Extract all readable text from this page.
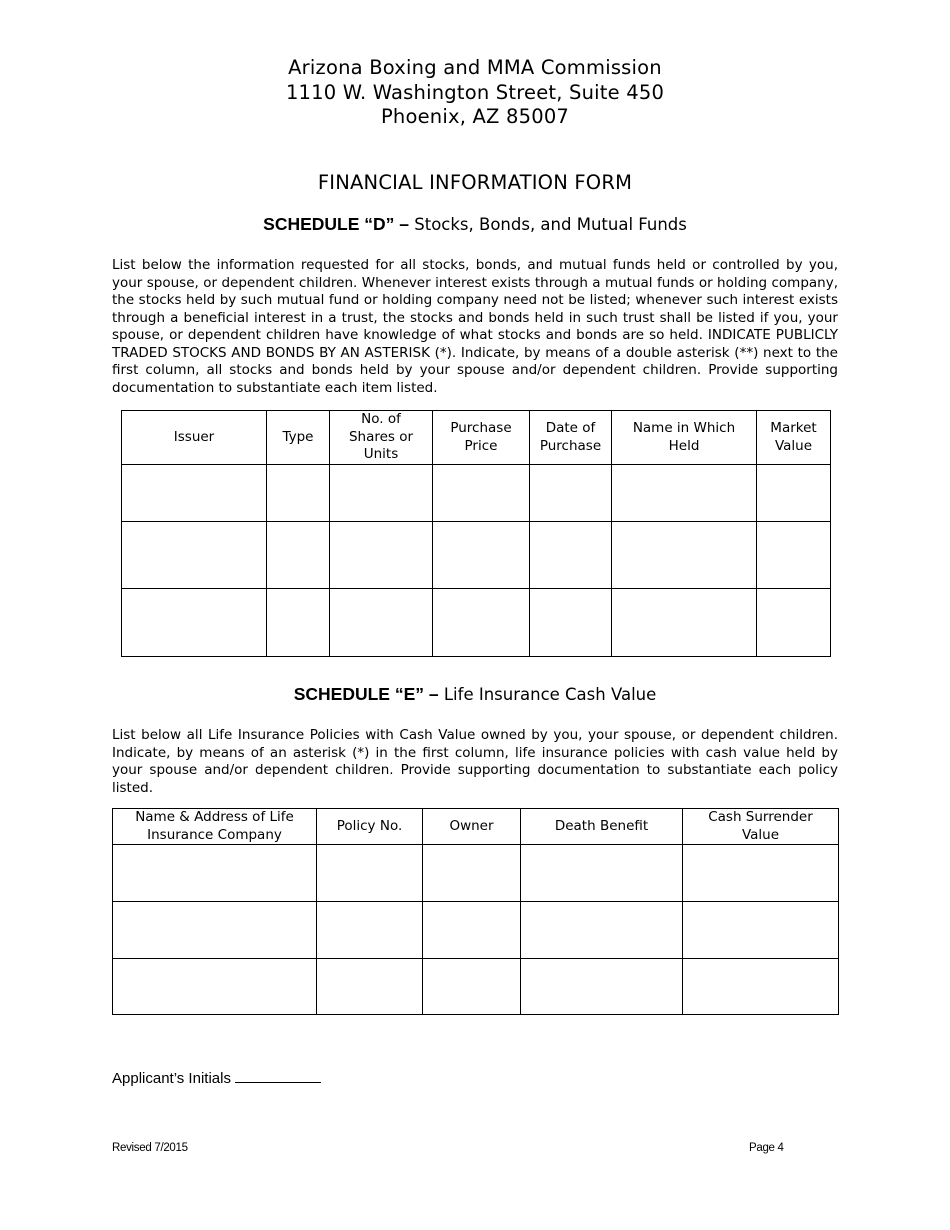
Arizona Boxing and MMA Commission
1110 W. Washington Street, Suite 450
Phoenix, AZ 85007
FINANCIAL INFORMATION FORM
SCHEDULE “D” – Stocks, Bonds, and Mutual Funds
List below the information requested for all stocks, bonds, and mutual funds held or controlled by you, your spouse, or dependent children. Whenever interest exists through a mutual funds or holding company, the stocks held by such mutual fund or holding company need not be listed; whenever such interest exists through a beneficial interest in a trust, the stocks and bonds held in such trust shall be listed if you, your spouse, or dependent children have knowledge of what stocks and bonds are so held. INDICATE PUBLICLY TRADED STOCKS AND BONDS BY AN ASTERISK (*). Indicate, by means of a double asterisk (**) next to the first column, all stocks and bonds held by your spouse and/or dependent children. Provide supporting documentation to substantiate each item listed.
Issuer	Type	No. of Shares or Units	Purchase Price	Date of Purchase	Name in Which Held	Market Value

SCHEDULE “E” – Life Insurance Cash Value
List below all Life Insurance Policies with Cash Value owned by you, your spouse, or dependent children. Indicate, by means of an asterisk (*) in the first column, life insurance policies with cash value held by your spouse and/or dependent children. Provide supporting documentation to substantiate each policy listed.
Name & Address of Life Insurance Company	Policy No.	Owner	Death Benefit	Cash Surrender Value

Applicant’s Initials
Revised 7/2015	Page 4
